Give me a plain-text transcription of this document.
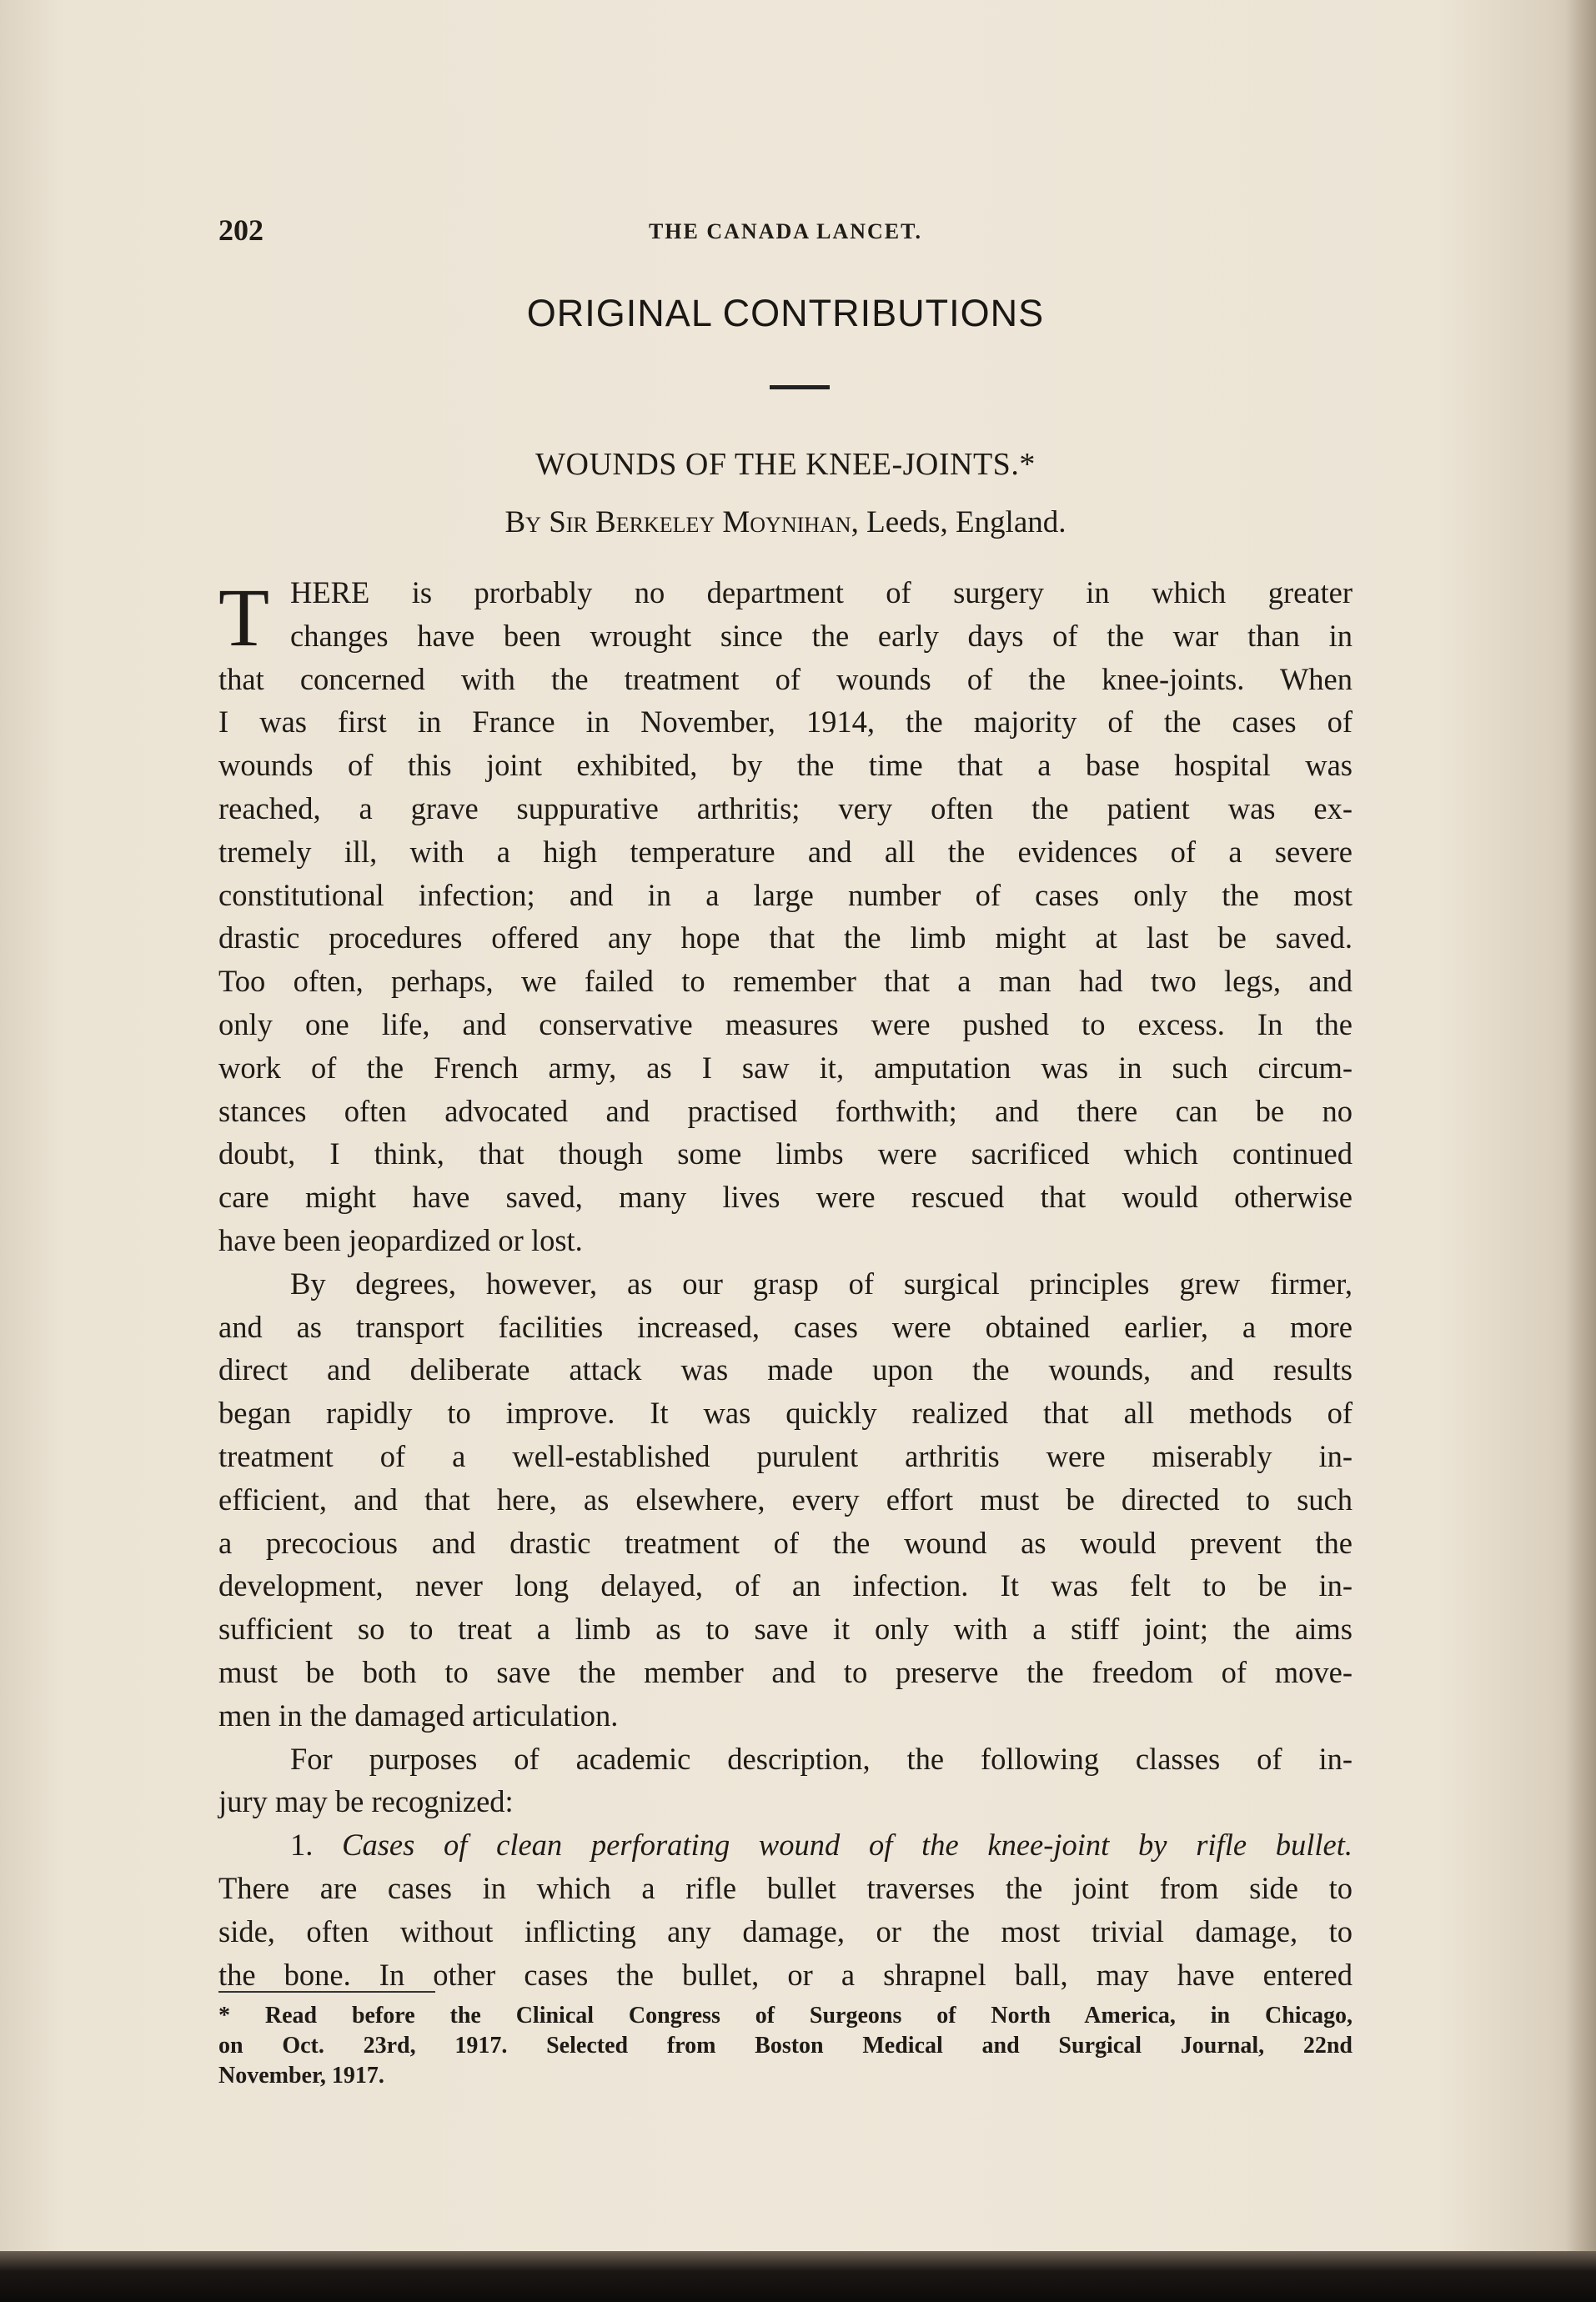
202	THE CANADA LANCET.
ORIGINAL CONTRIBUTIONS
WOUNDS OF THE KNEE-JOINTS.*
By Sir Berkeley Moynihan, Leeds, England.

T HERE is prorbably no department of surgery in which greater
changes have been wrought since the early days of the war than in
that concerned with the treatment of wounds of the knee-joints. When
I was first in France in November, 1914, the majority of the cases of
wounds of this joint exhibited, by the time that a base hospital was
reached, a grave suppurative arthritis; very often the patient was ex-
tremely ill, with a high temperature and all the evidences of a severe
constitutional infection; and in a large number of cases only the most
drastic procedures offered any hope that the limb might at last be saved.
Too often, perhaps, we failed to remember that a man had two legs, and
only one life, and conservative measures were pushed to excess. In the
work of the French army, as I saw it, amputation was in such circum-
stances often advocated and practised forthwith; and there can be no
doubt, I think, that though some limbs were sacrificed which continued
care might have saved, many lives were rescued that would otherwise
have been jeopardized or lost.

By degrees, however, as our grasp of surgical principles grew firmer,
and as transport facilities increased, cases were obtained earlier, a more
direct and deliberate attack was made upon the wounds, and results
began rapidly to improve. It was quickly realized that all methods of
treatment of a well-established purulent arthritis were miserably in-
efficient, and that here, as elsewhere, every effort must be directed to such
a precocious and drastic treatment of the wound as would prevent the
development, never long delayed, of an infection. It was felt to be in-
sufficient so to treat a limb as to save it only with a stiff joint; the aims
must be both to save the member and to preserve the freedom of move-
men in the damaged articulation.

For purposes of academic description, the following classes of in-
jury may be recognized:

1. Cases of clean perforating wound of the knee-joint by rifle bullet.
There are cases in which a rifle bullet traverses the joint from side to
side, often without inflicting any damage, or the most trivial damage, to
the bone. In other cases the bullet, or a shrapnel ball, may have entered

* Read before the Clinical Congress of Surgeons of North America, in Chicago,
on Oct. 23rd, 1917. Selected from Boston Medical and Surgical Journal, 22nd
November, 1917.
